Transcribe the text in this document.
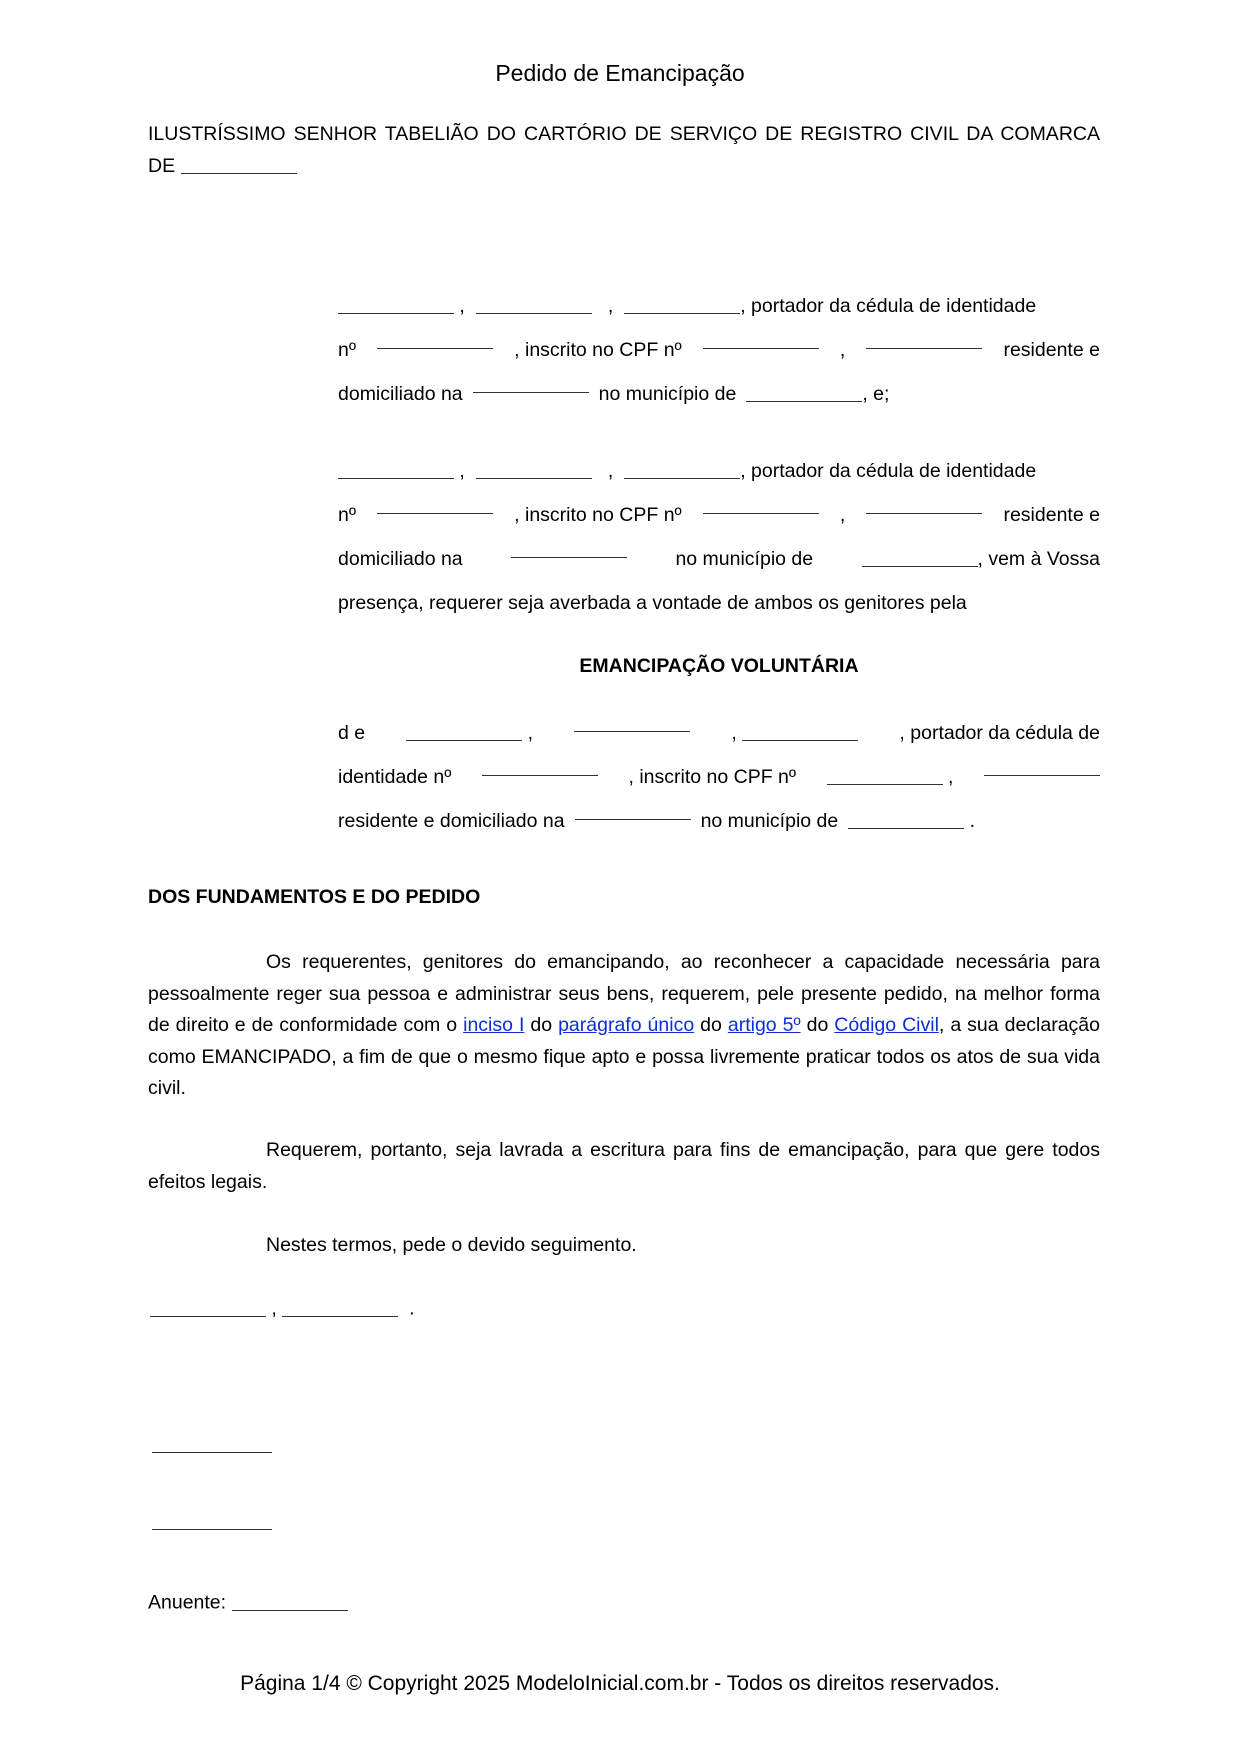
Pedido de Emancipação
ILUSTRÍSSIMO SENHOR TABELIÃO DO CARTÓRIO DE SERVIÇO DE REGISTRO CIVIL DA COMARCA DE
,	,	, portador da cédula de identidade
nº	, inscrito no CPF nº	,	residente e
domiciliado na	no município de	, e;
,	,	, portador da cédula de identidade
nº	, inscrito no CPF nº	,	residente e
domiciliado na	no município de	, vem à Vossa
presença, requerer seja averbada a vontade de ambos os genitores pela
EMANCIPAÇÃO VOLUNTÁRIA
d e	,	,	, portador da cédula de
identidade nº	, inscrito no CPF nº	,
residente e domiciliado na	no município de	.
DOS FUNDAMENTOS E DO PEDIDO
Os requerentes, genitores do emancipando, ao reconhecer a capacidade necessária para pessoalmente reger sua pessoa e administrar seus bens, requerem, pele presente pedido, na melhor forma de direito e de conformidade com o inciso I do parágrafo único do artigo 5º do Código Civil, a sua declaração como EMANCIPADO, a fim de que o mesmo fique apto e possa livremente praticar todos os atos de sua vida civil.
Requerem, portanto, seja lavrada a escritura para fins de emancipação, para que gere todos efeitos legais.
Nestes termos, pede o devido seguimento.
,	.
Anuente:
Página 1/4 © Copyright 2025 ModeloInicial.com.br - Todos os direitos reservados.
